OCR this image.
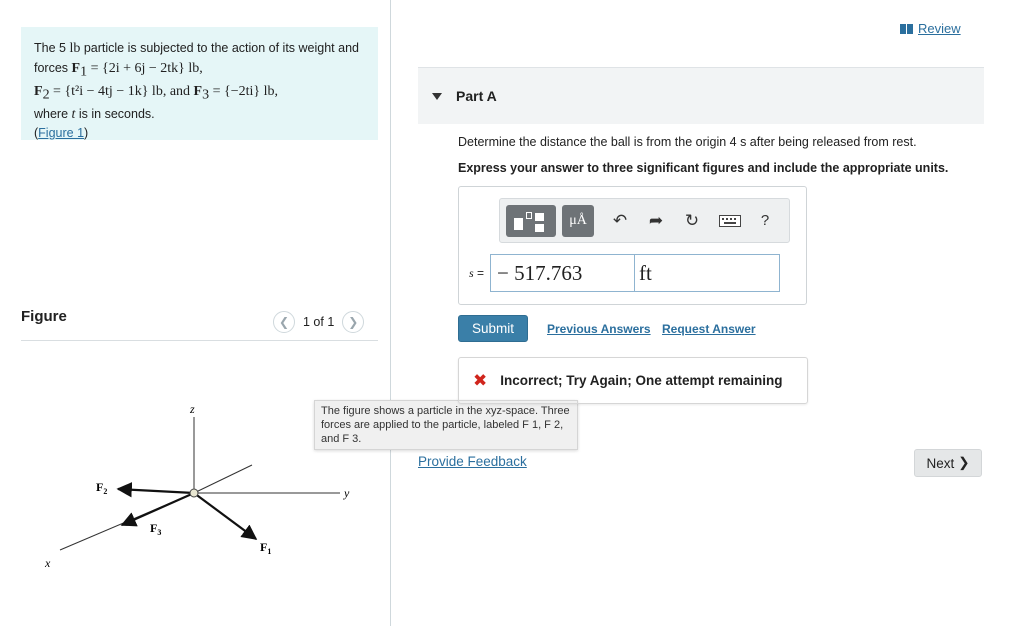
The 5 lb particle is subjected to the action of its weight and forces $F_1 = \{2i + 6j - 2tk\}$ lb,
$F_2 = \{t^2i - 4tj - 1k\}$ lb, and $F_3 = \{-2ti\}$ lb,
where t is in seconds.
(Figure 1)
Figure	❮ 1 of 1 ❯
z
y
x
$F_2$
$F_3$
$F_1$
The figure shows a particle in the xyz-space. Three forces are applied to the particle, labeled F 1, F 2, and F 3.
Review
Part A
Determine the distance the ball is from the origin 4 s after being released from rest.
Express your answer to three significant figures and include the appropriate units.
μÅ	↶ ➦ ↻	?
s = − 517.763	ft
Submit	Previous Answers Request Answer
✖ Incorrect; Try Again; One attempt remaining
Provide Feedback	Next ❯
